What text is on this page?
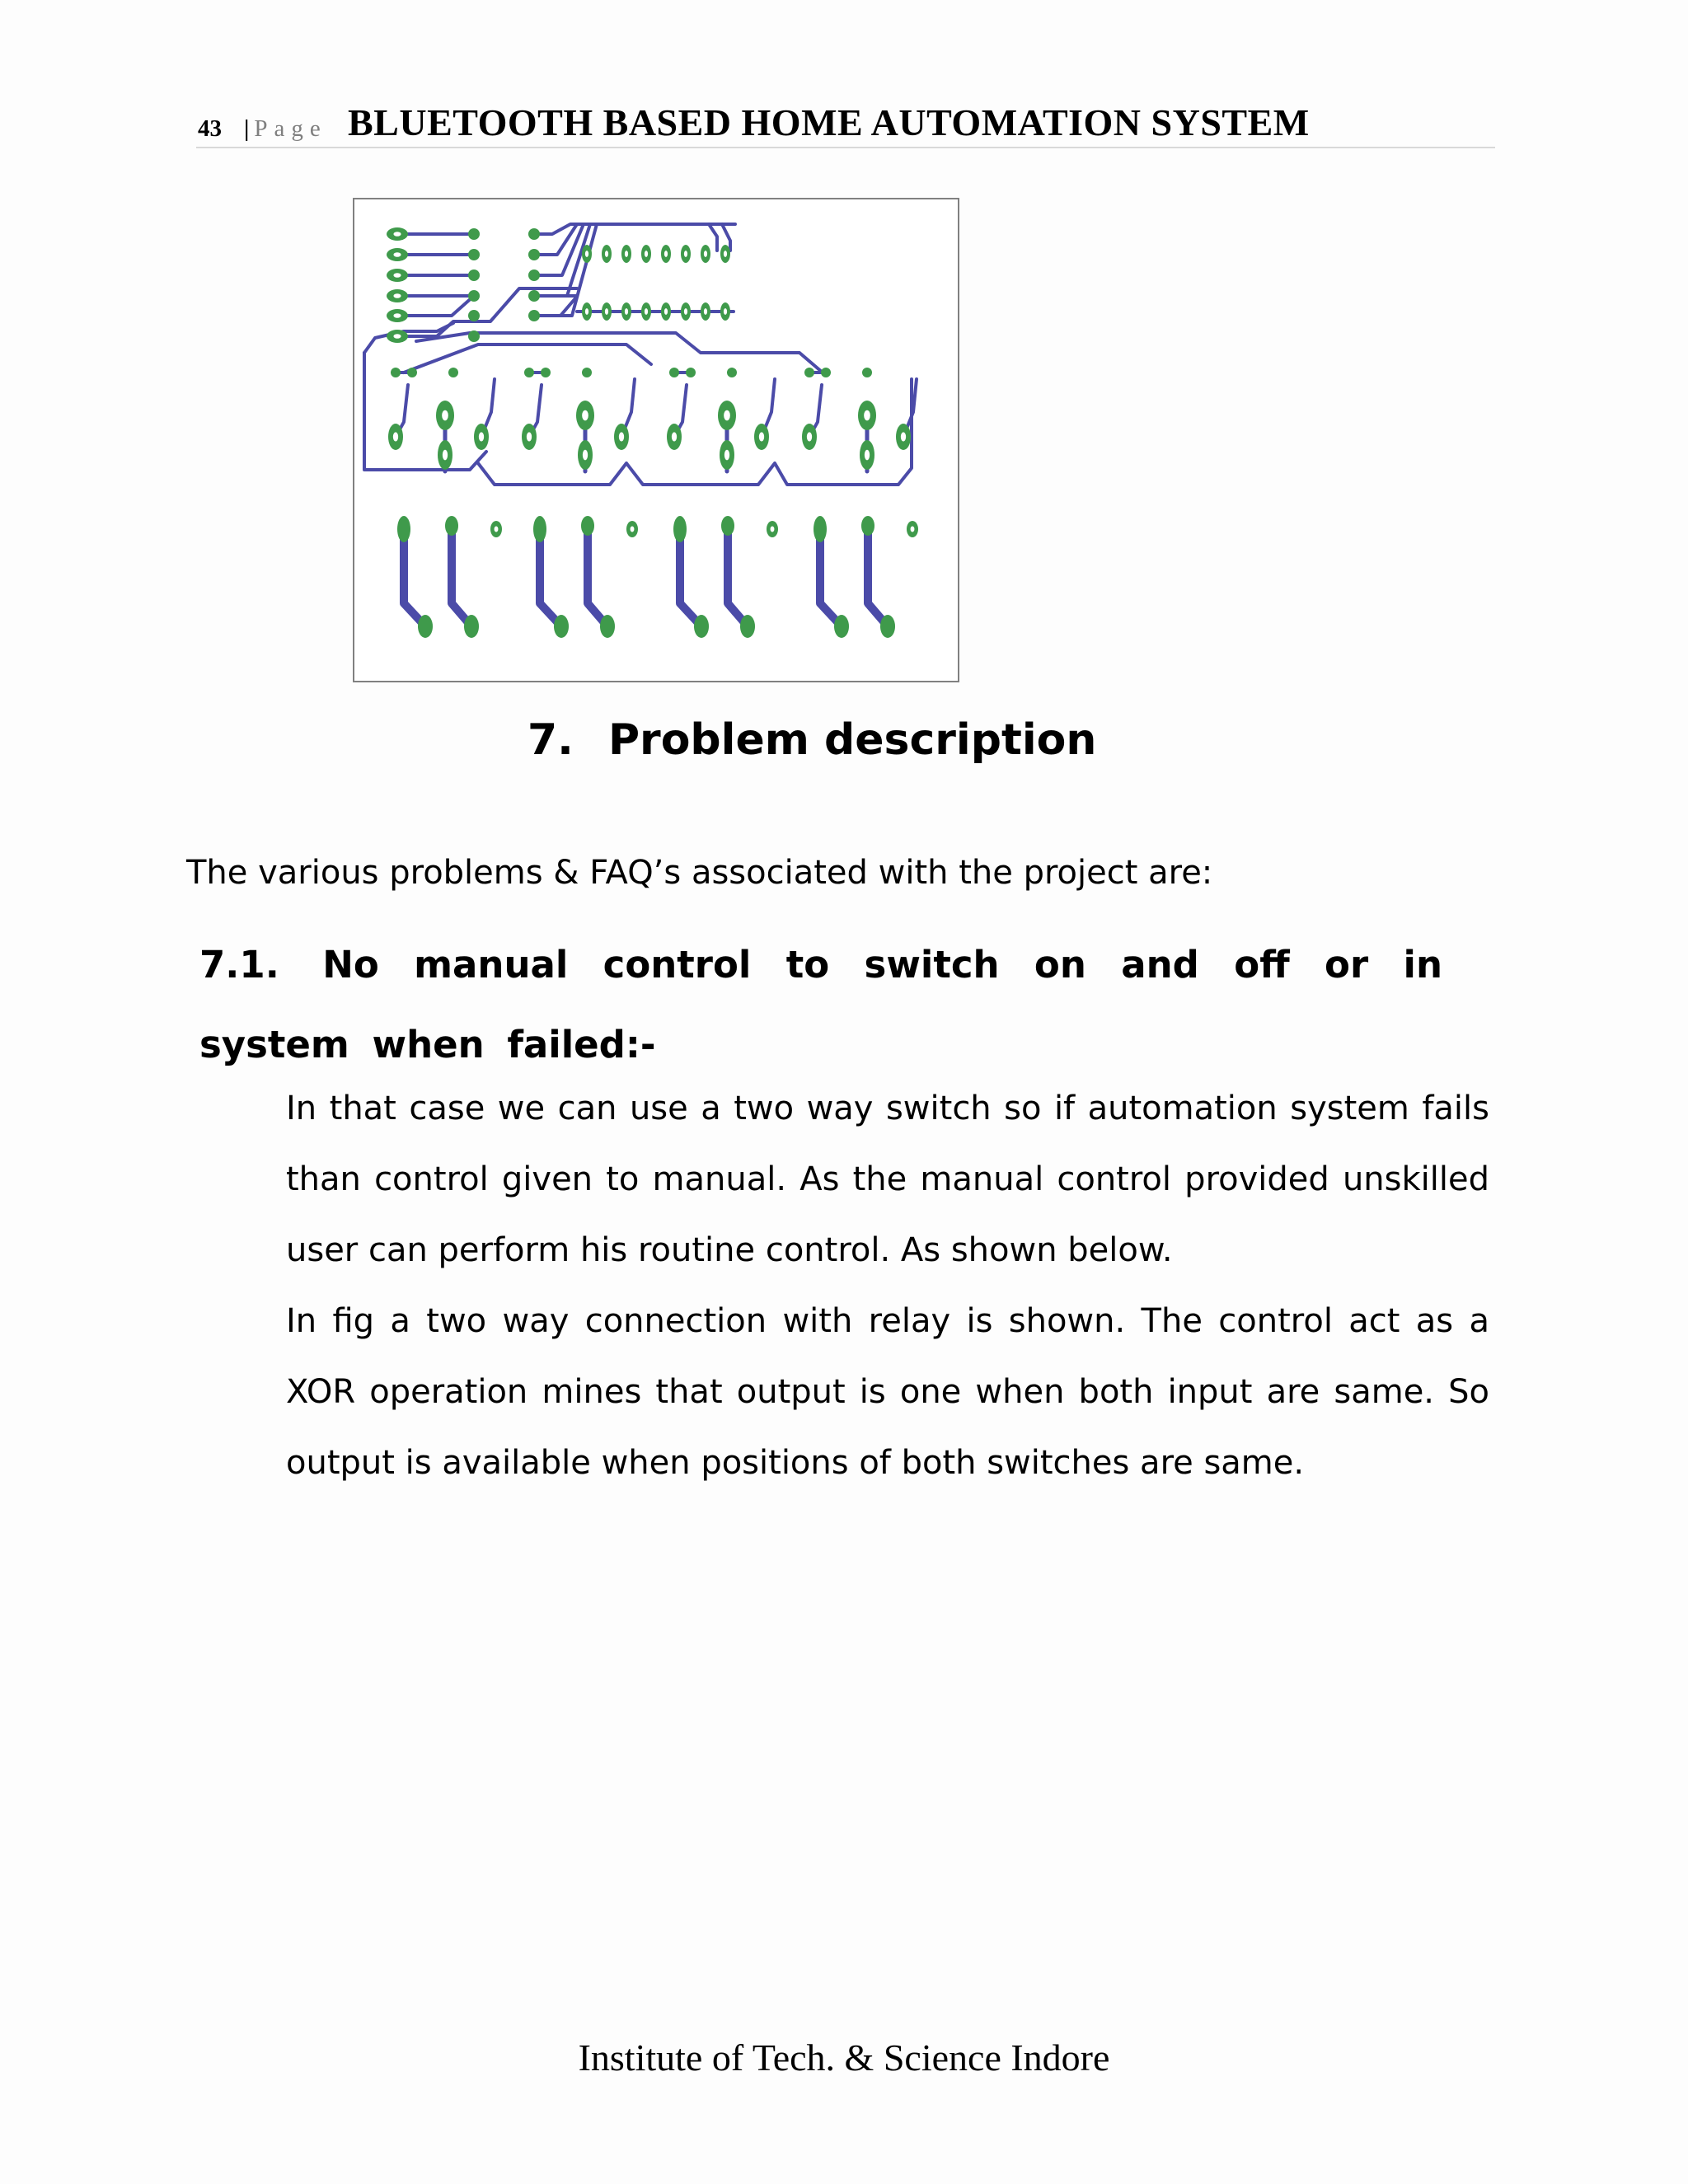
43 | Page BLUETOOTH BASED HOME AUTOMATION SYSTEM
7. Problem description
The various problems & FAQ’s associated with the project are:
7.1. No manual control to switch on and off or in system when failed:-
In that case we can use a two way switch so if automation system fails than control given to manual. As the manual control provided unskilled user can perform his routine control. As shown below.
In fig a two way connection with relay is shown. The control act as a XOR operation mines that output is one when both input are same. So output is available when positions of both switches are same.
Institute of Tech. & Science Indore
